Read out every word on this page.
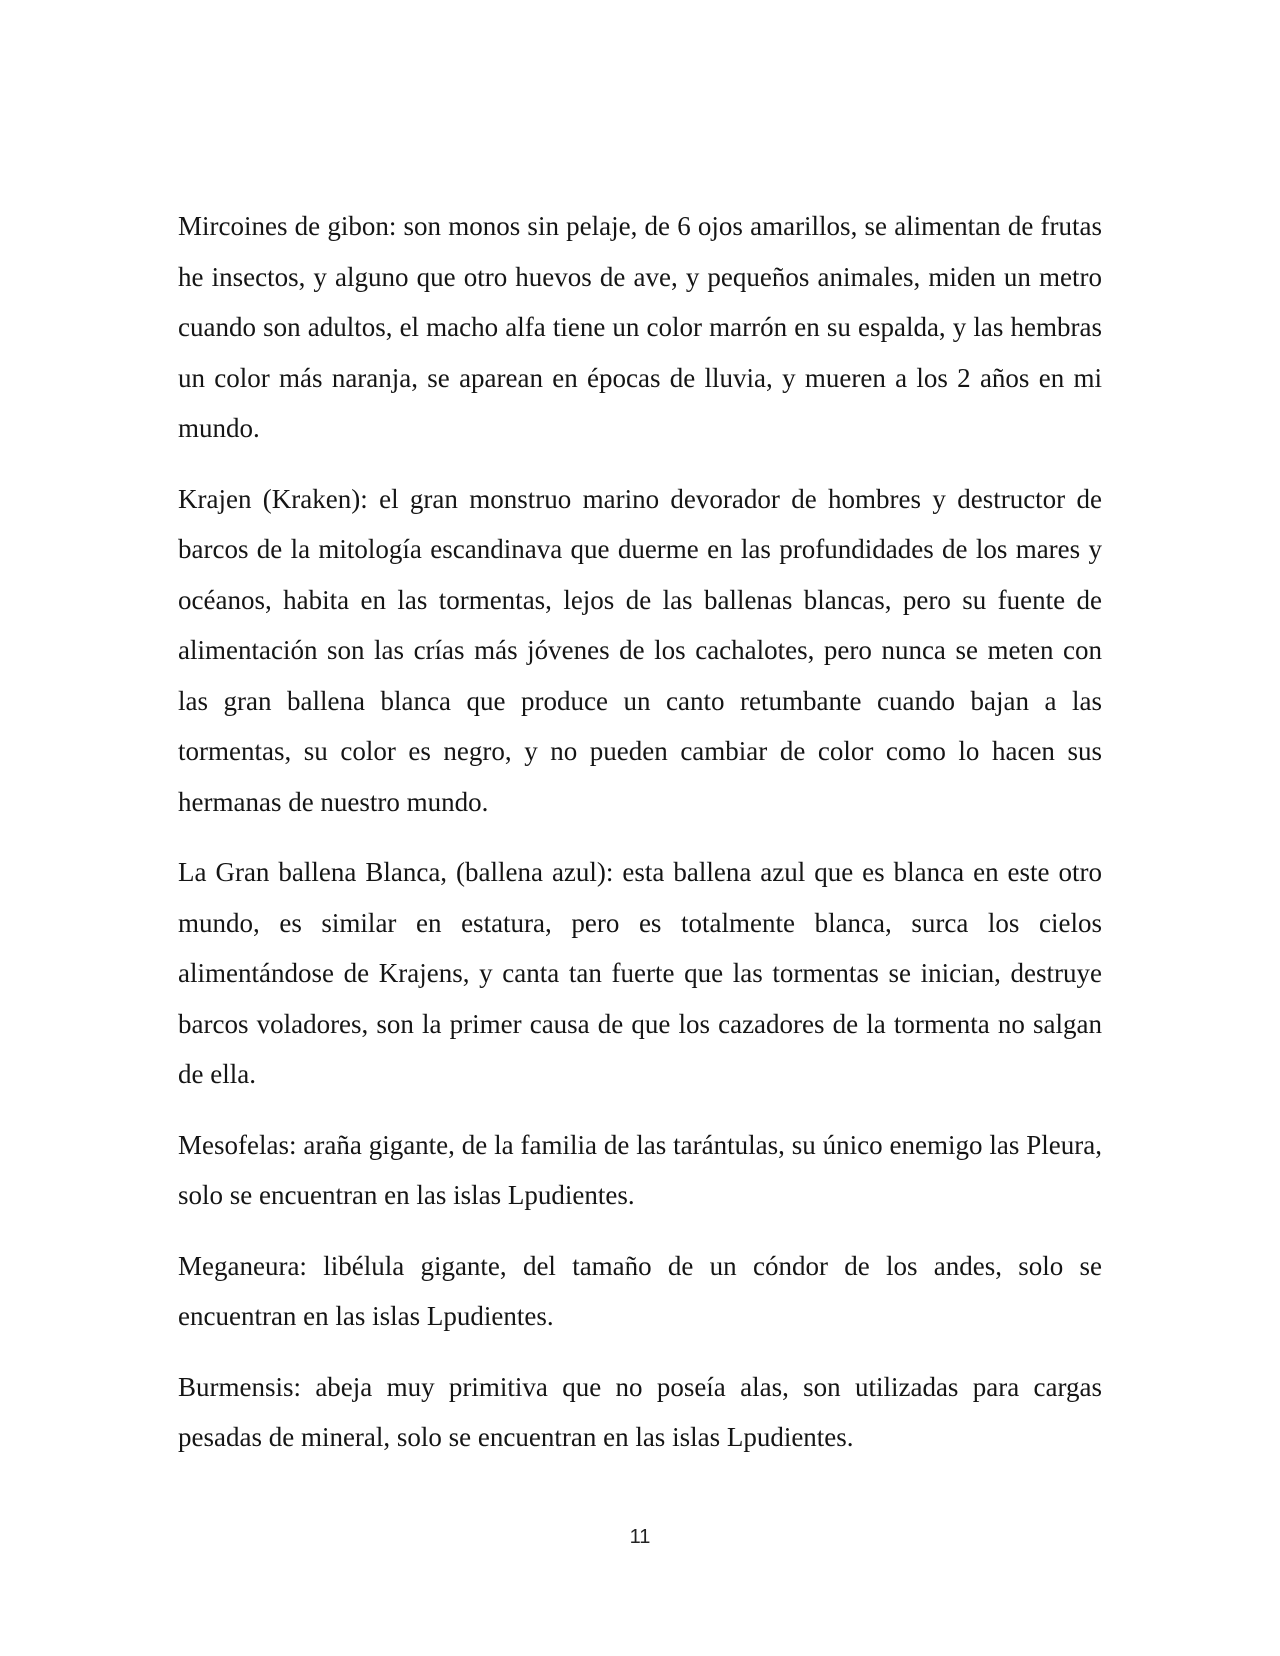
Mircoines de gibon: son monos sin pelaje, de 6 ojos amarillos, se alimentan de frutas he insectos, y alguno que otro huevos de ave, y pequeños animales, miden un metro cuando son adultos, el macho alfa tiene un color marrón en su espalda, y las hembras un color más naranja, se aparean en épocas de lluvia, y mueren a los 2 años en mi mundo.

Krajen (Kraken): el gran monstruo marino devorador de hombres y destructor de barcos de la mitología escandinava que duerme en las profundidades de los mares y océanos, habita en las tormentas, lejos de las ballenas blancas, pero su fuente de alimentación son las crías más jóvenes de los cachalotes, pero nunca se meten con las gran ballena blanca que produce un canto retumbante cuando bajan a las tormentas, su color es negro, y no pueden cambiar de color como lo hacen sus hermanas de nuestro mundo.

La Gran ballena Blanca, (ballena azul): esta ballena azul que es blanca en este otro mundo, es similar en estatura, pero es totalmente blanca, surca los cielos alimentándose de Krajens, y canta tan fuerte que las tormentas se inician, destruye barcos voladores, son la primer causa de que los cazadores de la tormenta no salgan de ella.

Mesofelas: araña gigante, de la familia de las tarántulas, su único enemigo las Pleura, solo se encuentran en las islas Lpudientes.

Meganeura: libélula gigante, del tamaño de un cóndor de los andes, solo se encuentran en las islas Lpudientes.

Burmensis: abeja muy primitiva que no poseía alas, son utilizadas para cargas pesadas de mineral, solo se encuentran en las islas Lpudientes.

11
